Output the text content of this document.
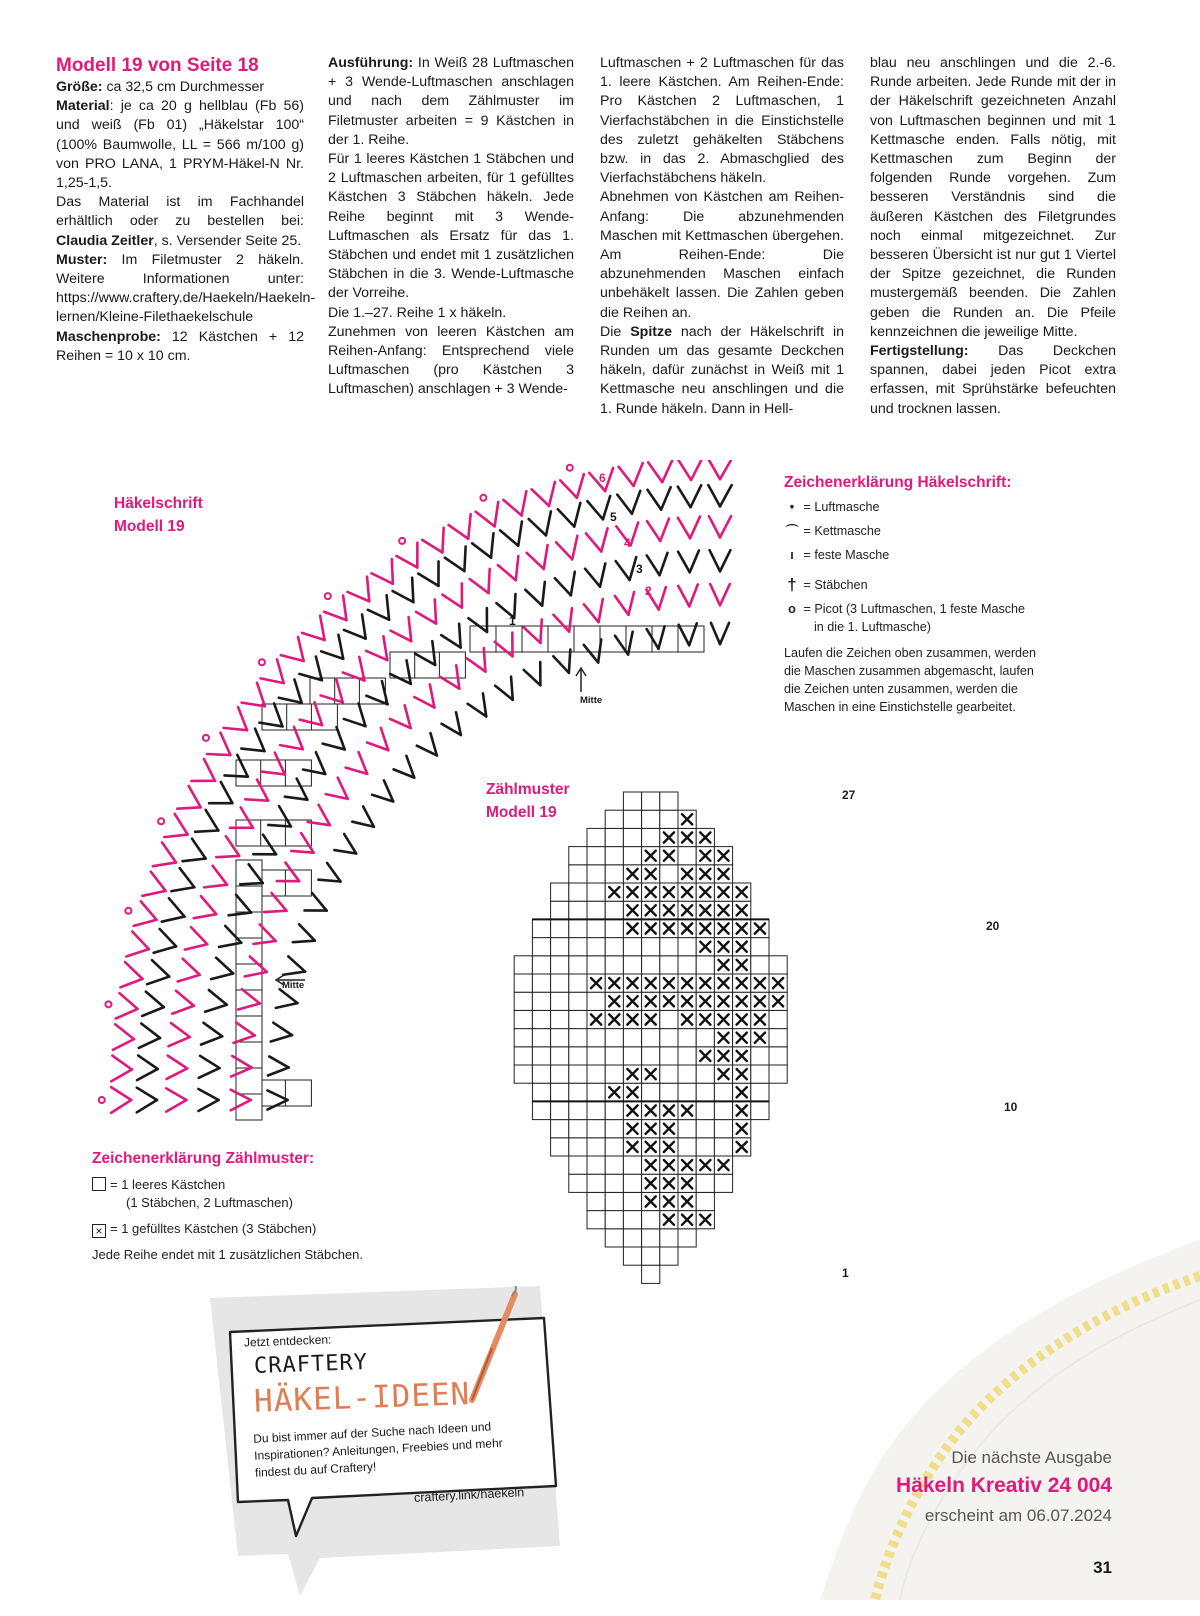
Modell 19 von Seite 18

Größe: ca 32,5 cm Durchmesser
Material: je ca 20 g hellblau (Fb 56) und weiß (Fb 01) „Häkelstar 100“ (100% Baumwolle, LL = 566 m/100 g) von PRO LANA, 1 PRYM-Häkel-N Nr. 1,25-1,5.
Das Material ist im Fachhandel erhältlich oder zu bestellen bei: Claudia Zeitler, s. Versender Seite 25.
Muster: Im Filetmuster 2 häkeln. Weitere Informationen unter: https://www.craftery.de/Haekeln/Haekeln-lernen/Kleine-Filethaekelschule
Maschenprobe: 12 Kästchen + 12 Reihen = 10 x 10 cm.

Ausführung: In Weiß 28 Luftmaschen + 3 Wende-Luftmaschen anschlagen und nach dem Zählmuster im Filetmuster arbeiten = 9 Kästchen in der 1. Reihe.

Für 1 leeres Kästchen 1 Stäbchen und 2 Luftmaschen arbeiten, für 1 gefülltes Kästchen 3 Stäbchen häkeln. Jede Reihe beginnt mit 3 Wende-Luftmaschen als Ersatz für das 1. Stäbchen und endet mit 1 zusätzlichen Stäbchen in die 3. Wende-Luftmasche der Vorreihe.

Die 1.–27. Reihe 1 x häkeln.

Zunehmen von leeren Kästchen am Reihen-Anfang: Entsprechend viele Luftmaschen (pro Kästchen 3 Luftmaschen) anschlagen + 3 Wende-

Luftmaschen + 2 Luftmaschen für das 1. leere Kästchen. Am Reihen-Ende: Pro Kästchen 2 Luftmaschen, 1 Vierfachstäbchen in die Einstichstelle des zuletzt gehäkelten Stäbchens bzw. in das 2. Abmaschglied des Vierfachstäbchens häkeln.

Abnehmen von Kästchen am Reihen-Anfang: Die abzunehmenden Maschen mit Kettmaschen übergehen. Am Reihen-Ende: Die abzunehmenden Maschen einfach unbehäkelt lassen. Die Zahlen geben die Reihen an.

Die Spitze nach der Häkelschrift in Runden um das gesamte Deckchen häkeln, dafür zunächst in Weiß mit 1 Kettmasche neu anschlingen und die 1. Runde häkeln. Dann in Hell-

blau neu anschlingen und die 2.-6. Runde arbeiten. Jede Runde mit der in der Häkelschrift gezeichneten Anzahl von Luftmaschen beginnen und mit 1 Kettmasche enden. Falls nötig, mit Kettmaschen zum Beginn der folgenden Runde vorgehen. Zum besseren Verständnis sind die äußeren Kästchen des Filetgrundes noch einmal mitgezeichnet. Zur besseren Übersicht ist nur gut 1 Viertel der Spitze gezeichnet, die Runden mustergemäß beenden. Die Zahlen geben die Runden an. Die Pfeile kennzeichnen die jeweilige Mitte.

Fertigstellung: Das Deckchen spannen, dabei jeden Picot extra erfassen, mit Sprühstärke befeuchten und trocknen lassen.

Häkelschrift
Modell 19
Mitte
Mitte
1
2
3
4
5
6	Zeichenerklärung Häkelschrift:
•
= Luftmasche
⌒
= Kettmasche
ı
= feste Masche
†
= Stäbchen
o
= Picot (3 Luftmaschen, 1 feste Masche
in die 1. Luftmasche)
Laufen die Zeichen oben zusammen, werden die Maschen zusammen abgemascht, laufen die Zeichen unten zusammen, werden die Maschen in eine Einstichstelle gearbeitet.
Zählmuster
Modell 19
27
20
10
1
Zeichenerklärung Zählmuster:
= 1 leeres Kästchen
(1 Stäbchen, 2 Luftmaschen)
× = 1 gefülltes Kästchen (3 Stäbchen)
Jede Reihe endet mit 1 zusätzlichen Stäbchen.
Jetzt entdecken:
CRAFTERY
HÄKEL-IDEEN
Du bist immer auf der Suche nach Ideen und Inspirationen? Anleitungen, Freebies und mehr findest du auf Craftery!
craftery.link/haekeln
Die nächste Ausgabe
Häkeln Kreativ 24 004
erscheint am 06.07.2024
31
